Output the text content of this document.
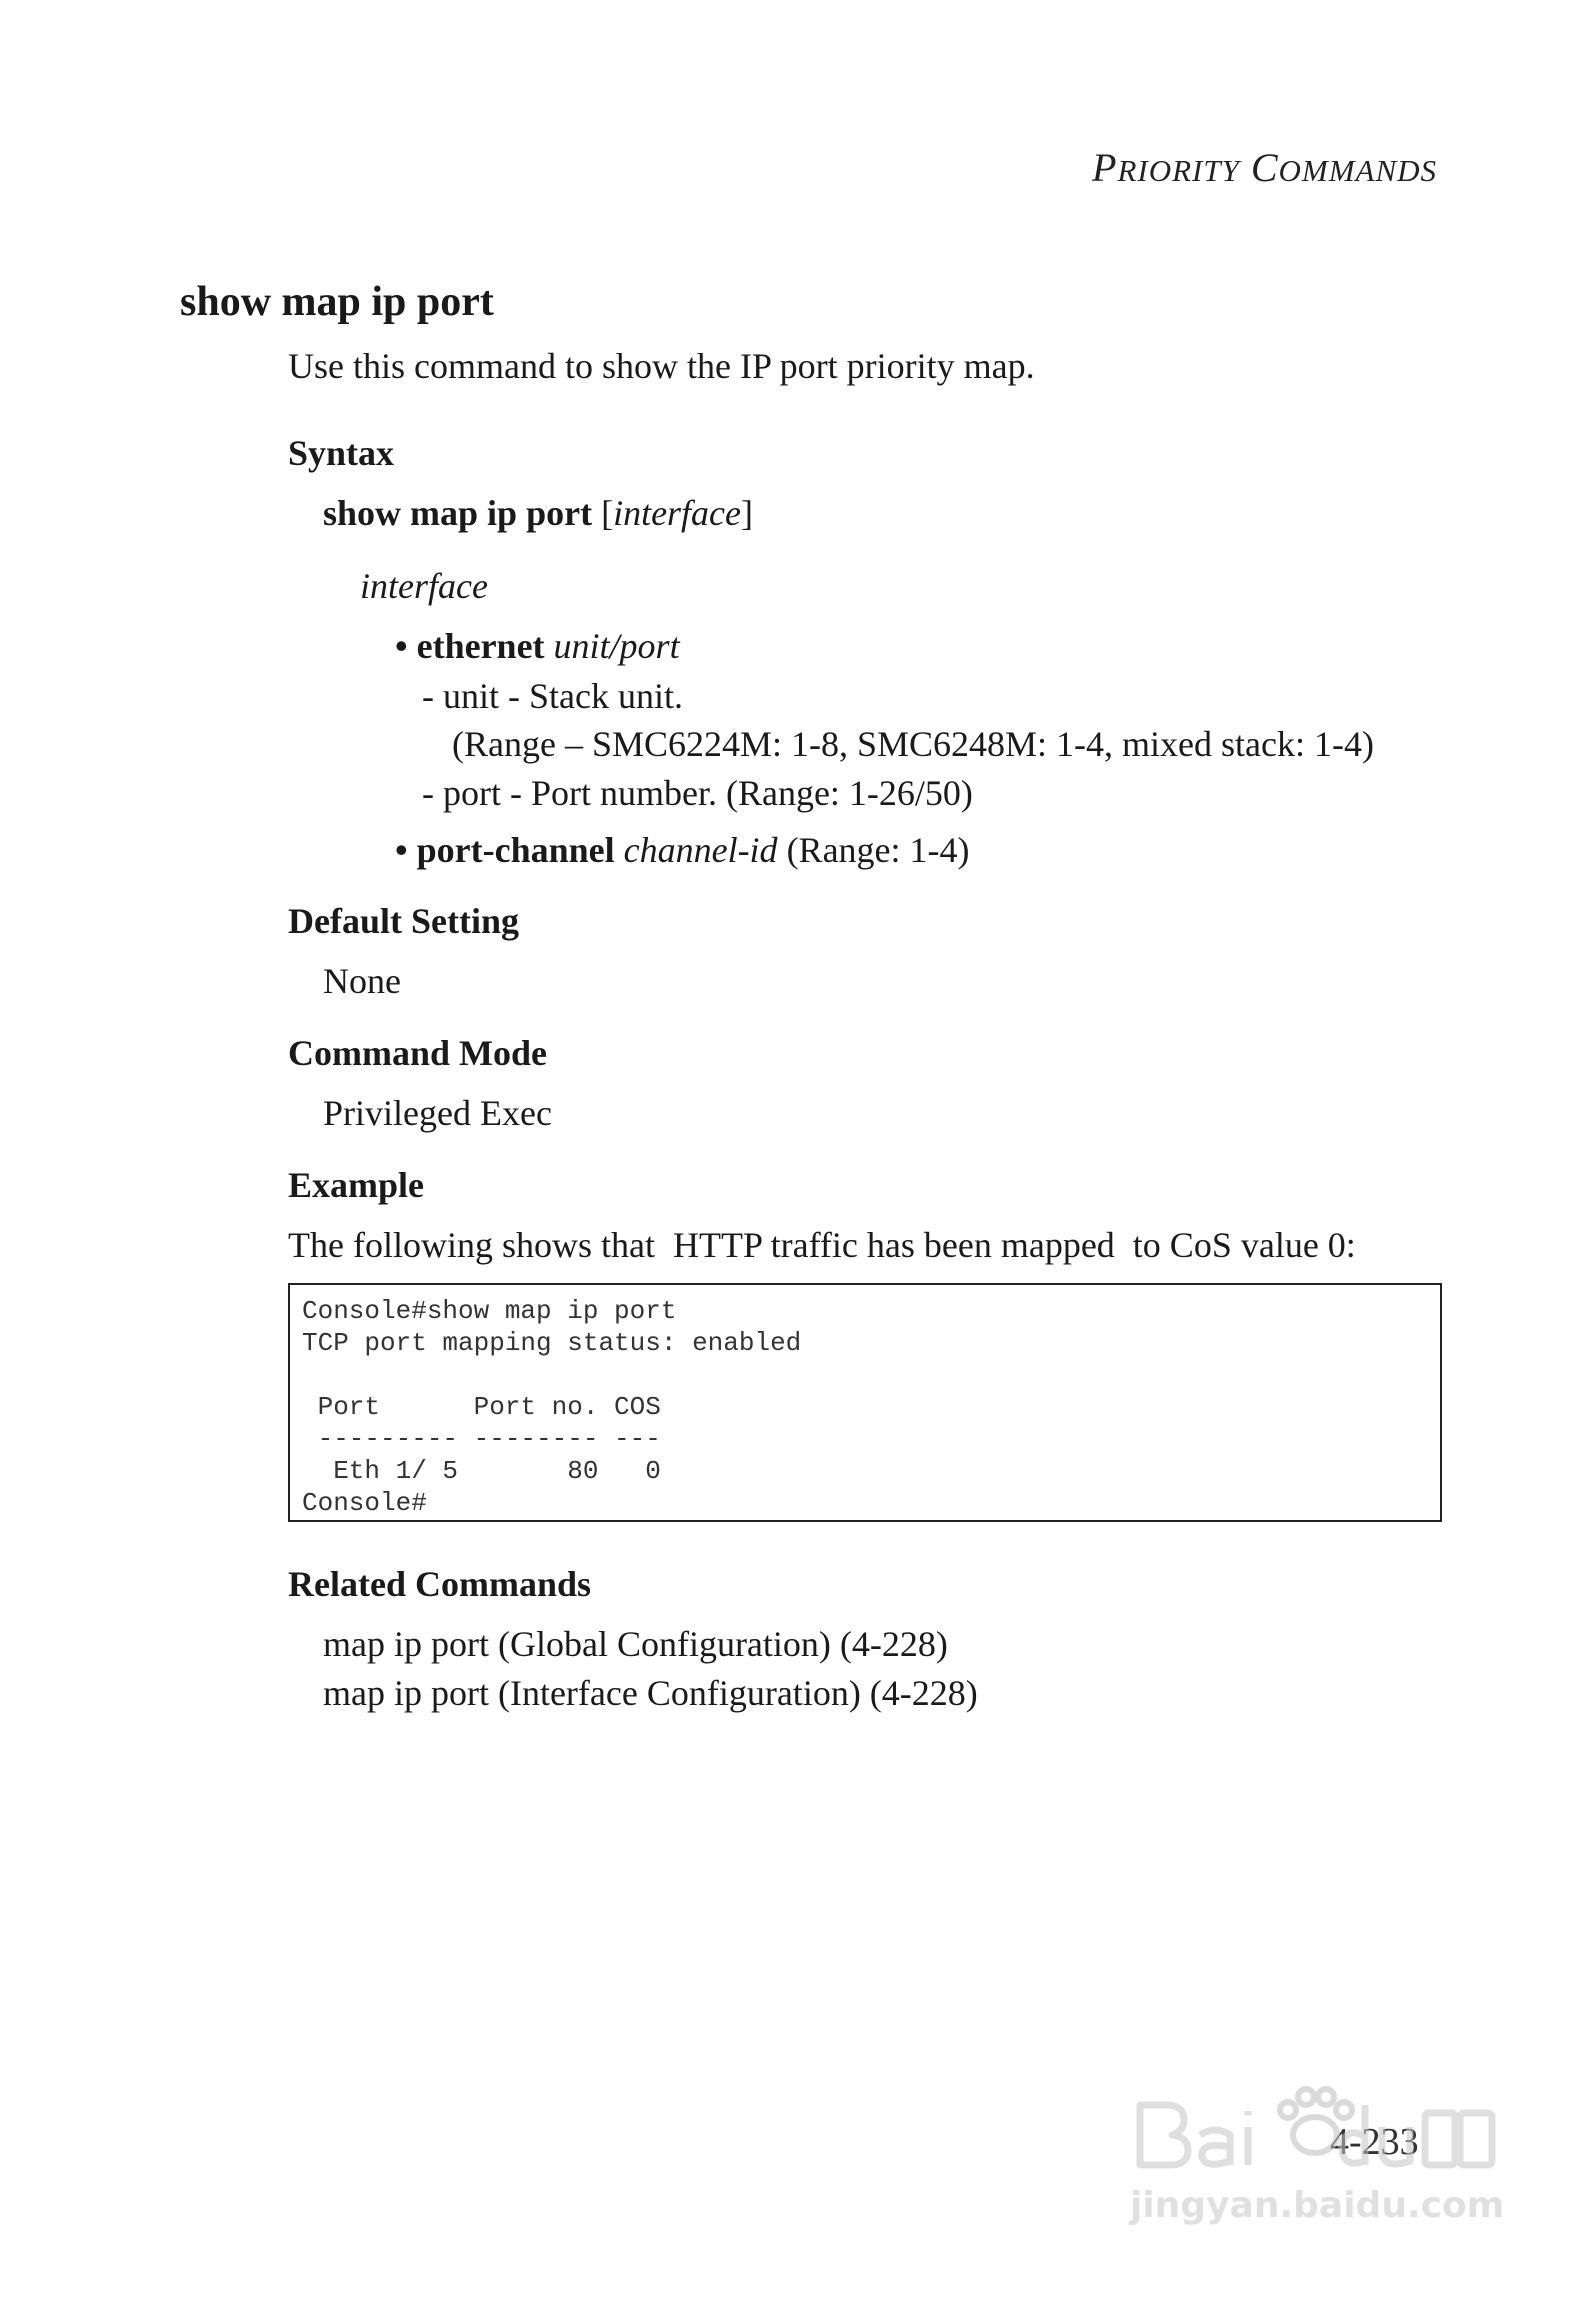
PRIORITY COMMANDS
show map ip port
Use this command to show the IP port priority map.
Syntax
show map ip port [interface]
interface
• ethernet unit/port
- unit - Stack unit.
(Range – SMC6224M: 1-8, SMC6248M: 1-4, mixed stack: 1-4)
- port - Port number. (Range: 1-26/50)
• port-channel channel-id (Range: 1-4)
Default Setting
None
Command Mode
Privileged Exec
Example
The following shows that  HTTP traffic has been mapped  to CoS value 0:
Console#show map ip port
TCP port mapping status: enabled

Port      Port no. COS
--------- -------- ---
Eth 1/ 5       80   0
Console#
Related Commands
map ip port (Global Configuration) (4-228)
map ip port (Interface Configuration) (4-228)
4-233
jingyan.baidu.com
